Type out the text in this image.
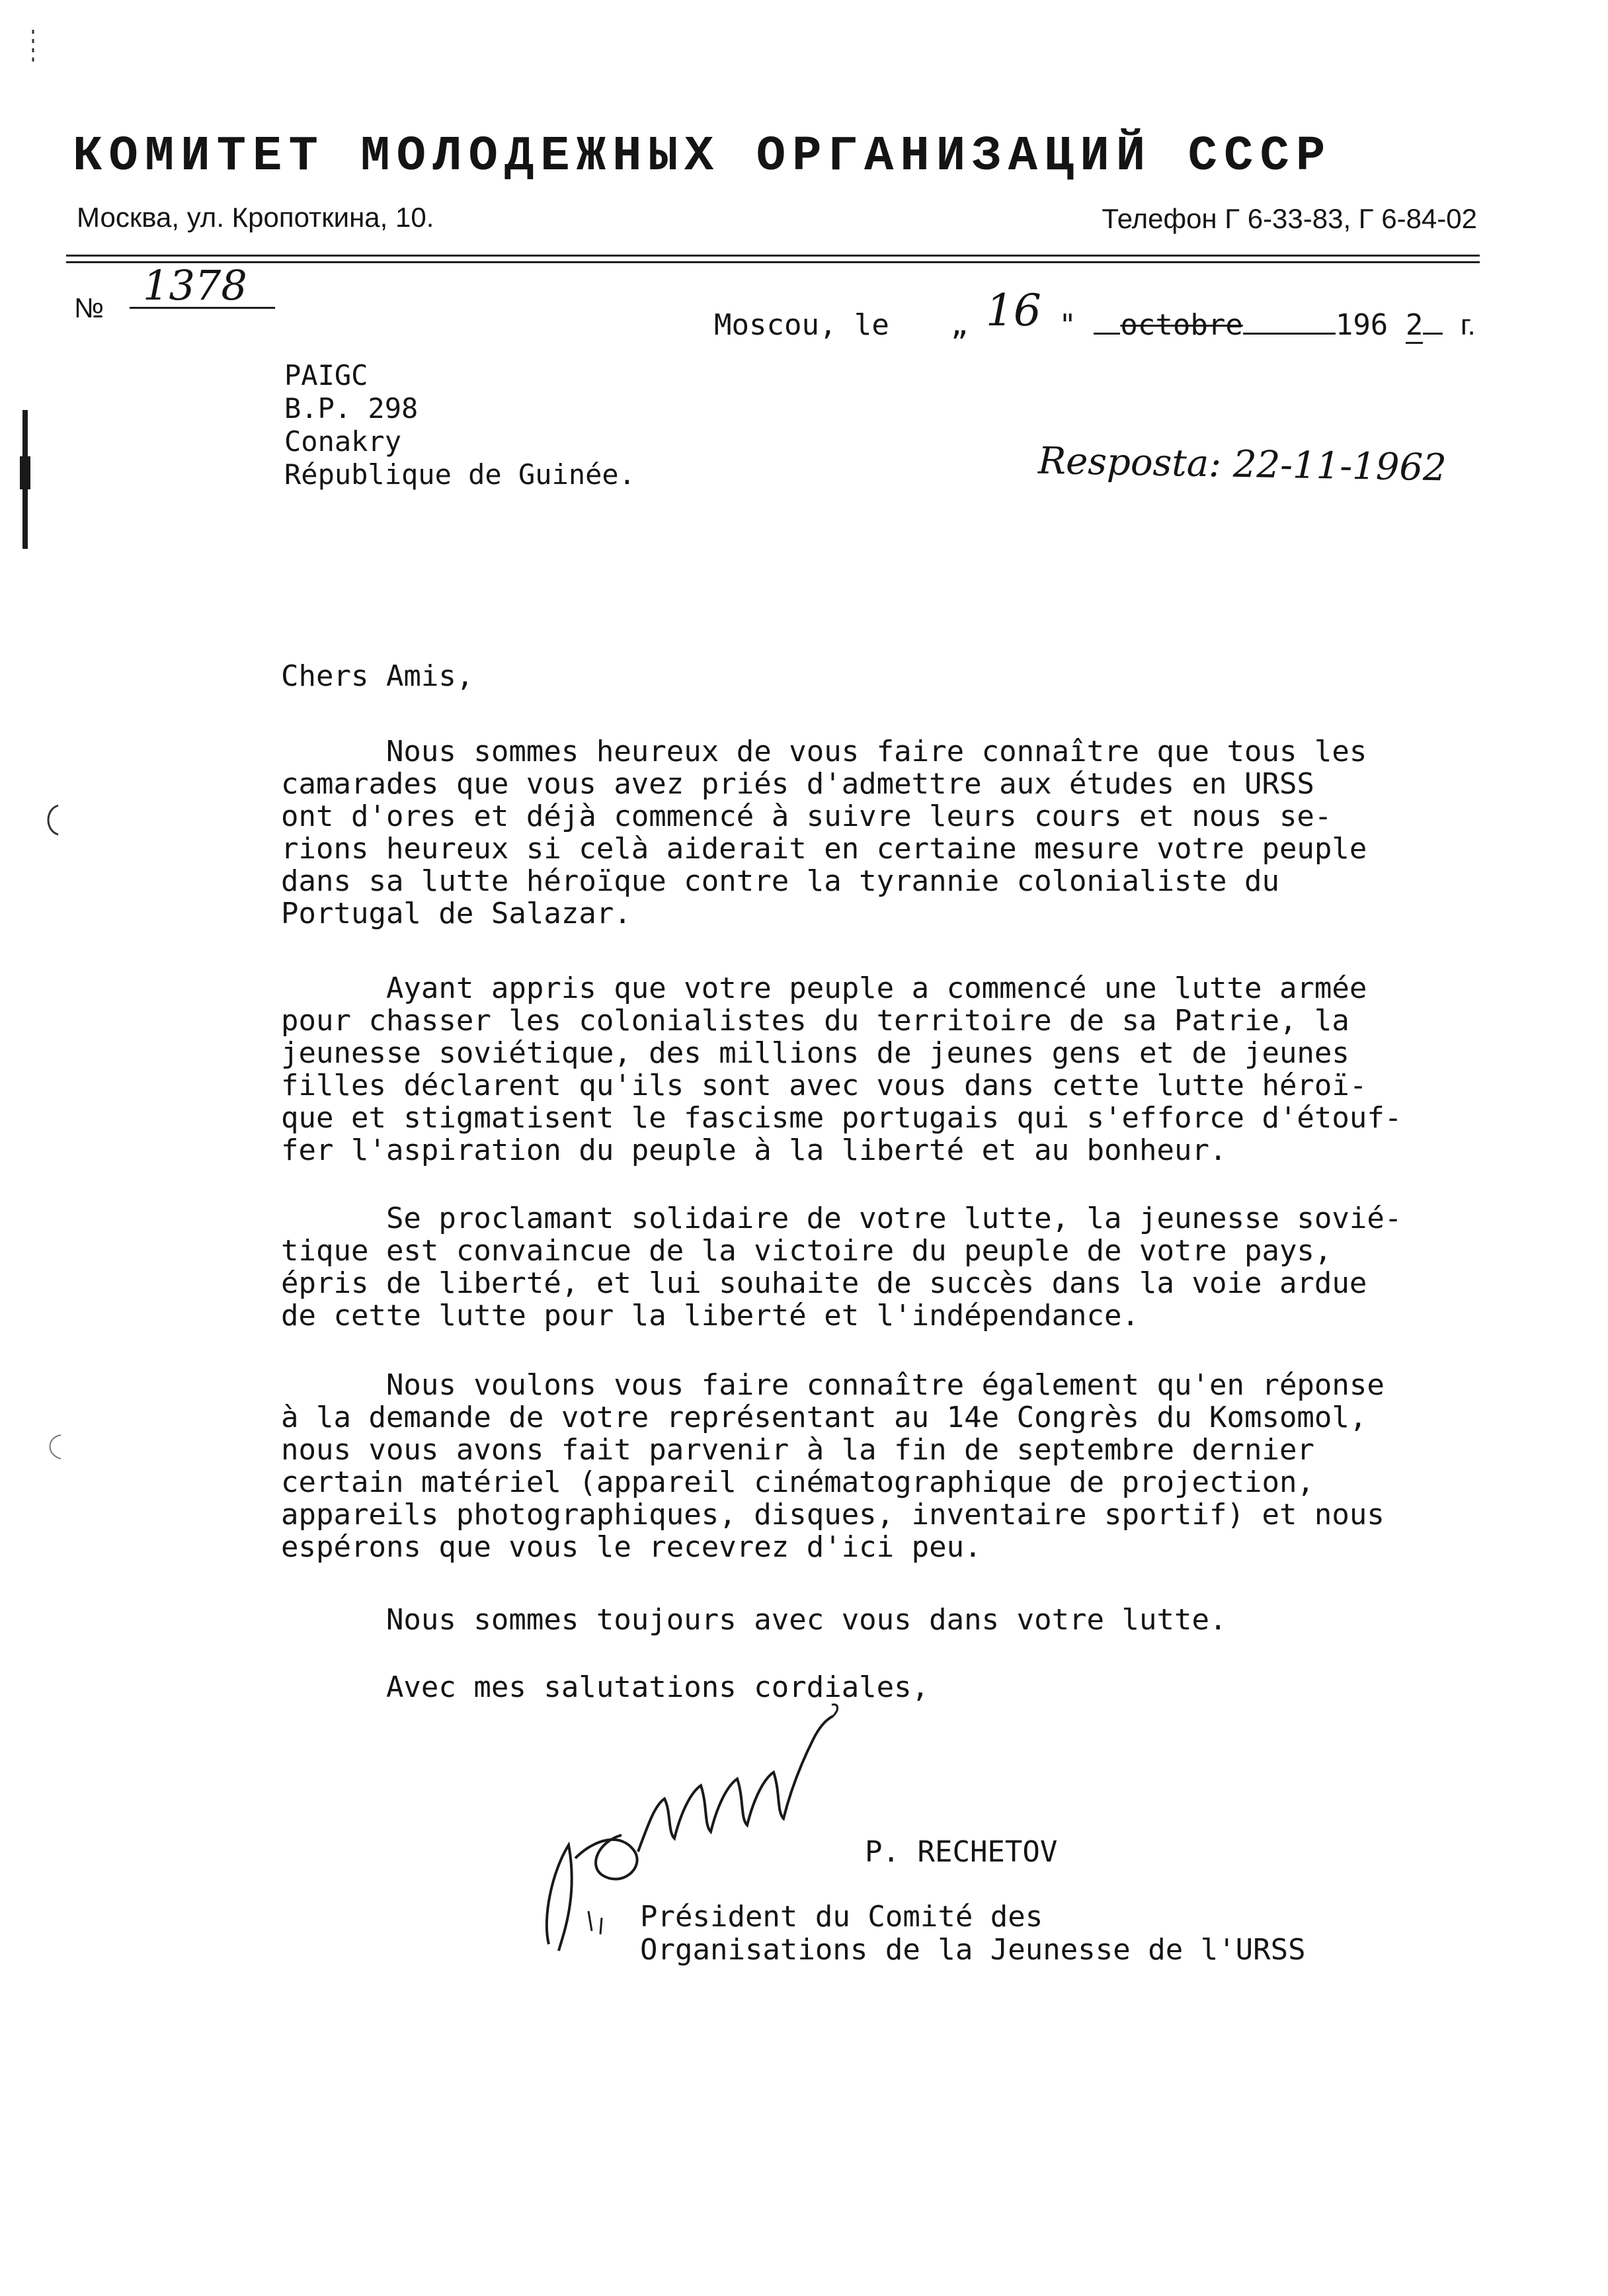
КОМИТЕТ МОЛОДЕЖНЫХ ОРГАНИЗАЦИЙ СССР
Москва, ул. Кропоткина, 10.	Телефон Г 6-33-83, Г 6-84-02
№ 1378
Moscou, le „ 16 " octobre	196 2 г.
PAIGC
B.P. 298
Conakry
République de Guinée.	Resposta: 22-11-1962
Chers Amis,
Nous sommes heureux de vous faire connaître que tous les
camarades que vous avez priés d'admettre aux études en URSS
ont d'ores et déjà commencé à suivre leurs cours et nous se-
rions heureux si celà aiderait en certaine mesure votre peuple
dans sa lutte héroïque contre la tyrannie colonialiste du
Portugal de Salazar.
Ayant appris que votre peuple a commencé une lutte armée
pour chasser les colonialistes du territoire de sa Patrie, la
jeunesse soviétique, des millions de jeunes gens et de jeunes
filles déclarent qu'ils sont avec vous dans cette lutte héroï-
que et stigmatisent le fascisme portugais qui s'efforce d'étouf-
fer l'aspiration du peuple à la liberté et au bonheur.
Se proclamant solidaire de votre lutte, la jeunesse sovié-
tique est convaincue de la victoire du peuple de votre pays,
épris de liberté, et lui souhaite de succès dans la voie ardue
de cette lutte pour la liberté et l'indépendance.
Nous voulons vous faire connaître également qu'en réponse
à la demande de votre représentant au 14e Congrès du Komsomol,
nous vous avons fait parvenir à la fin de septembre dernier
certain matériel (appareil cinématographique de projection,
appareils photographiques, disques, inventaire sportif) et nous
espérons que vous le recevrez d'ici peu.
Nous sommes toujours avec vous dans votre lutte.
Avec mes salutations cordiales,
P. RECHETOV
Président du Comité des
Organisations de la Jeunesse de l'URSS
